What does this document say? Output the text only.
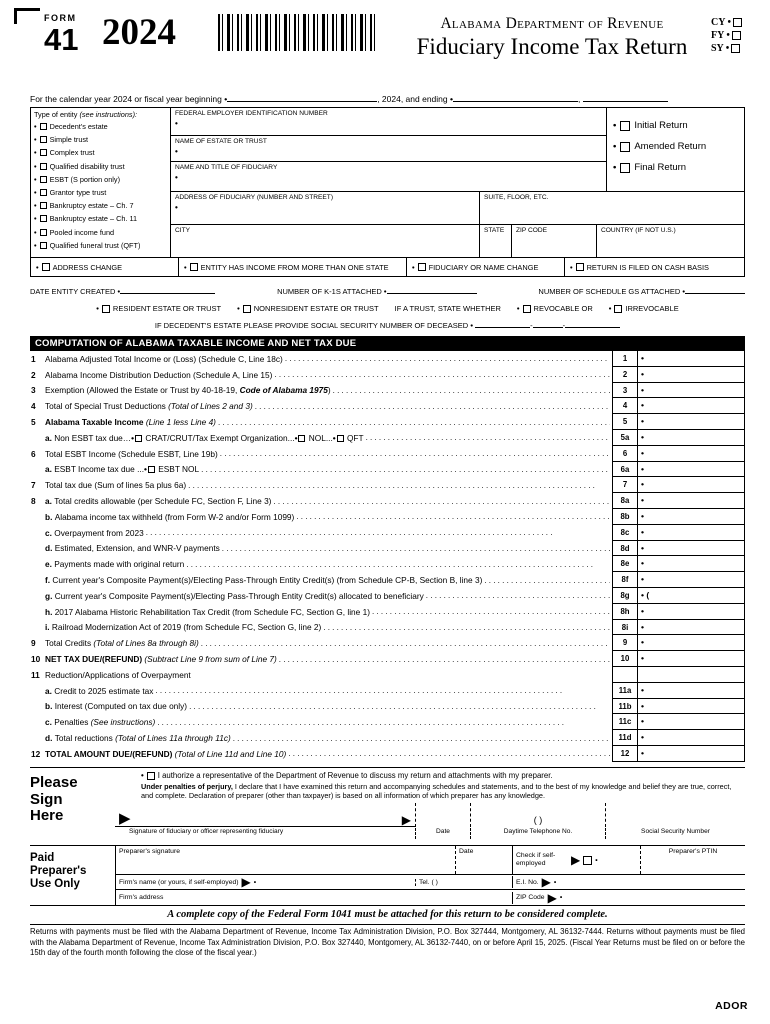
FORM
41 2024	Alabama Department of Revenue
Fiduciary Income Tax Return
CY •
FY •
SY •
For the calendar year 2024 or fiscal year beginning •	, 2024, and ending •	,
Type of entity (see instructions):
• Decedent's estate
• Simple trust
• Complex trust
• Qualified disability trust
• ESBT (S portion only)
• Grantor type trust
• Bankruptcy estate – Ch. 7
• Bankruptcy estate – Ch. 11
• Pooled income fund
• Qualified funeral trust (QFT)
FEDERAL EMPLOYER IDENTIFICATION NUMBER
•
NAME OF ESTATE OR TRUST
•
NAME AND TITLE OF FIDUCIARY
•
• Initial Return
• Amended Return
• Final Return
ADDRESS OF FIDUCIARY (NUMBER AND STREET)
•
SUITE, FLOOR, ETC.
CITY	STATE	ZIP CODE	COUNTRY (IF NOT U.S.)
• ADDRESS CHANGE	• ENTITY HAS INCOME FROM MORE THAN ONE STATE	• FIDUCIARY OR NAME CHANGE	• RETURN IS FILED ON CASH BASIS
DATE ENTITY CREATED •	NUMBER OF K-1S ATTACHED •	NUMBER OF SCHEDULE GS ATTACHED •
• RESIDENT ESTATE OR TRUST • NONRESIDENT ESTATE OR TRUST IF A TRUST, STATE WHETHER • REVOCABLE OR • IRREVOCABLE
IF DECEDENT'S ESTATE PLEASE PROVIDE SOCIAL SECURITY NUMBER OF DECEASED •	-	-
COMPUTATION OF ALABAMA TAXABLE INCOME AND NET TAX DUE
1	Alabama Adjusted Total Income or (Loss) (Schedule C, Line 18c) . . .	1	•
2	Alabama Income Distribution Deduction (Schedule A, Line 15) . . .	2	•
3	Exemption (Allowed the Estate or Trust by 40-18-19, Code of Alabama 1975) . . .	3	•
4	Total of Special Trust Deductions (Total of Lines 2 and 3) . . .	4	•
5	Alabama Taxable Income (Line 1 less Line 4) . . .	5	•
a. Non ESBT tax due…• CRAT/CRUT/Tax Exempt Organization...• NOL...• QFT . . .	5a	•
6	Total ESBT Income (Schedule ESBT, Line 19b) . . .	6	•
a. ESBT Income tax due ...• ESBT NOL . . .	6a	•
7	Total tax due (Sum of lines 5a plus 6a) . . .	7	•
8	a. Total credits allowable (per Schedule FC, Section F, Line 3) . . .	8a	•
b. Alabama income tax withheld (from Form W-2 and/or Form 1099) . . .	8b	•
c. Overpayment from 2023 . . .	8c	•
d. Estimated, Extension, and WNR-V payments . . .	8d	•
e. Payments made with original return . . .	8e	•
f. Current year's Composite Payment(s)/Electing Pass-Through Entity Credit(s) (from Schedule CP-B, Section B, line 3) . . .	8f	•
g. Current year's Composite Payment(s)/Electing Pass-Through Entity Credit(s) allocated to beneficiary . . .	8g	• (
h. 2017 Alabama Historic Rehabilitation Tax Credit (from Schedule FC, Section G, line 1) . . .	8h	•
i. Railroad Modernization Act of 2019 (from Schedule FC, Section G, line 2) . . .	8i	•
9	Total Credits (Total of Lines 8a through 8i) . . .	9	•
10 NET TAX DUE/(REFUND) (Subtract Line 9 from sum of Line 7) . . .	10	•
11 Reduction/Applications of Overpayment
a. Credit to 2025 estimate tax . . .	11a	•
b. Interest (Computed on tax due only) . . .	11b	•
c. Penalties (See instructions) . . .	11c	•
d. Total reductions (Total of Lines 11a through 11c) . . .	11d	•
12 TOTAL AMOUNT DUE/(REFUND) (Total of Line 11d and Line 10) . . .	12	•
Please
Sign
Here
• I authorize a representative of the Department of Revenue to discuss my return and attachments with my preparer.
Under penalties of perjury, I declare that I have examined this return and accompanying schedules and statements, and to the best of my knowledge and belief they are true, correct, and complete. Declaration of preparer (other than taxpayer) is based on all information of which preparer has any knowledge.
▶	▶	( )
Signature of fiduciary or officer representing fiduciary	Date	Daytime Telephone No.	Social Security Number
Paid
Preparer's
Use Only
Preparer's signature	Date
Check if self-employed	▶ •
Preparer's PTIN
Firm's name (or yours, if self-employed) ▶ •	Tel. ( )	E.I. No. ▶ •
Firm's address	ZIP Code ▶ •
A complete copy of the Federal Form 1041 must be attached for this return to be considered complete.
Returns with payments must be filed with the Alabama Department of Revenue, Income Tax Administration Division, P.O. Box 327444, Montgomery, AL 36132-7444. Returns without payments must be filed with the Alabama Department of Revenue, Income Tax Administration Division, P.O. Box 327440, Montgomery, AL 36132-7440, on or before April 15, 2025. (Fiscal Year Returns must be filed on or before the 15th day of the fourth month following the close of the fiscal year.)
ADOR
